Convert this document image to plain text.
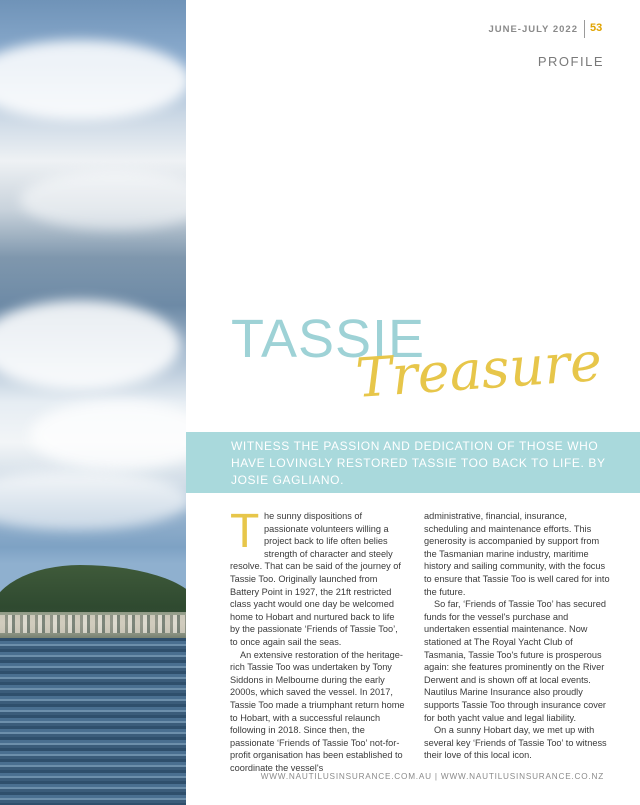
JUNE-JULY 2022 53
PROFILE
TASSIE
Treasure
WITNESS THE PASSION AND DEDICATION OF THOSE WHO HAVE LOVINGLY RESTORED TASSIE TOO BACK TO LIFE. BY JOSIE GAGLIANO.
T he sunny dispositions of passionate volunteers willing a project back to life often belies strength of character and steely resolve. That can be said of the journey of Tassie Too. Originally launched from Battery Point in 1927, the 21ft restricted class yacht would one day be welcomed home to Hobart and nurtured back to life by the passionate ‘Friends of Tassie Too’, to once again sail the seas.

An extensive restoration of the heritage-rich Tassie Too was undertaken by Tony Siddons in Melbourne during the early 2000s, which saved the vessel. In 2017, Tassie Too made a triumphant return home to Hobart, with a successful relaunch following in 2018. Since then, the passionate ‘Friends of Tassie Too’ not-for-profit organisation has been established to coordinate the vessel's

administrative, financial, insurance, scheduling and maintenance efforts. This generosity is accompanied by support from the Tasmanian marine industry, maritime history and sailing community, with the focus to ensure that Tassie Too is well cared for into the future.

So far, ‘Friends of Tassie Too’ has secured funds for the vessel's purchase and undertaken essential maintenance. Now stationed at The Royal Yacht Club of Tasmania, Tassie Too's future is prosperous again: she features prominently on the River Derwent and is shown off at local events. Nautilus Marine Insurance also proudly supports Tassie Too through insurance cover for both yacht value and legal liability.

On a sunny Hobart day, we met up with several key ‘Friends of Tassie Too’ to witness their love of this local icon.

WWW.NAUTILUSINSURANCE.COM.AU | WWW.NAUTILUSINSURANCE.CO.NZ
